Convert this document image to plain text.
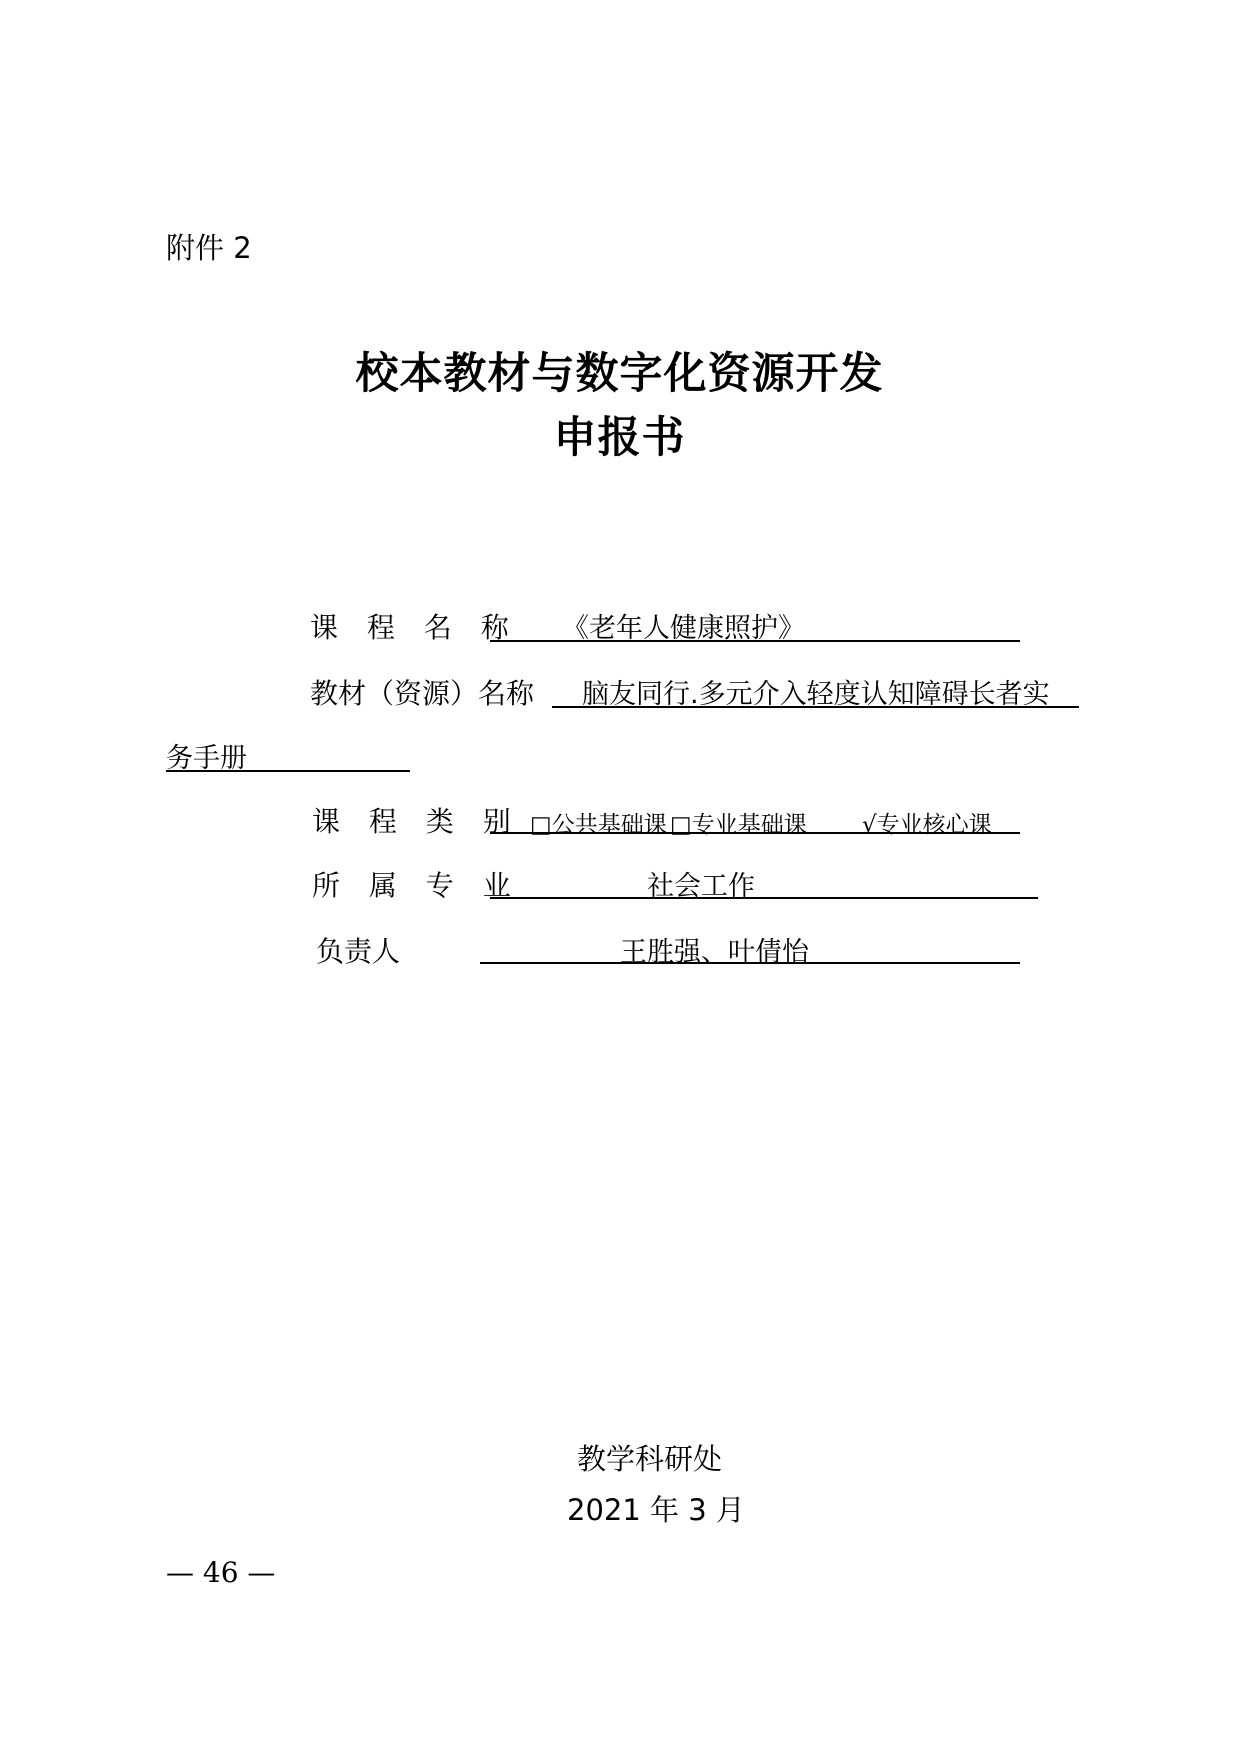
附件 2
校本教材与数字化资源开发
申报书
课 程 名 称 《老年人健康照护》
教材（资源）名称 脑友同行.多元介入轻度认知障碍长者实
务手册
课 程 类 别 □公共基础课 □专业基础课 √专业核心课
所 属 专 业	社会工作
负责人	王胜强、叶倩怡
教学科研处
2021 年 3 月
— 46 —
